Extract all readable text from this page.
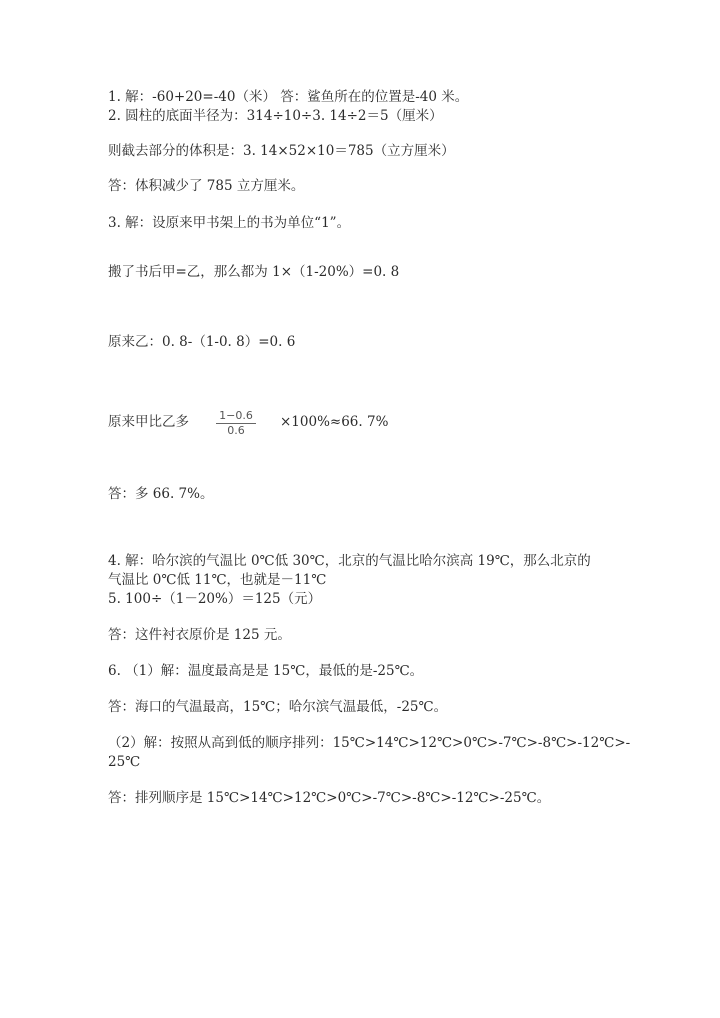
1. 解：-60+20=-40（米） 答：鲨鱼所在的位置是-40 米。
2. 圆柱的底面半径为：314÷10÷3. 14÷2＝5（厘米）
则截去部分的体积是：3. 14×52×10＝785（立方厘米）
答：体积减少了 785 立方厘米。
3. 解：设原来甲书架上的书为单位“1”。
搬了书后甲=乙，那么都为 1×（1-20%）=0. 8
原来乙：0. 8-（1-0. 8）=0. 6
原来甲比乙多 $\frac{1-0.6}{0.6} \times 100\%\approx 66$. 7%
答：多 66. 7%。
4. 解：哈尔滨的气温比 0℃低 30℃，北京的气温比哈尔滨高 19℃，那么北京的
气温比 0℃低 11℃，也就是－11℃
5. 100÷（1－20%）＝125（元）
答：这件衬衣原价是 125 元。
6. （1）解：温度最高是是 15℃，最低的是-25℃。
答：海口的气温最高，15℃；哈尔滨气温最低，-25℃。
（2）解：按照从高到低的顺序排列：15℃>14℃>12℃>0℃>-7℃>-8℃>-12℃>-
25℃
答：排列顺序是 15℃>14℃>12℃>0℃>-7℃>-8℃>-12℃>-25℃。
